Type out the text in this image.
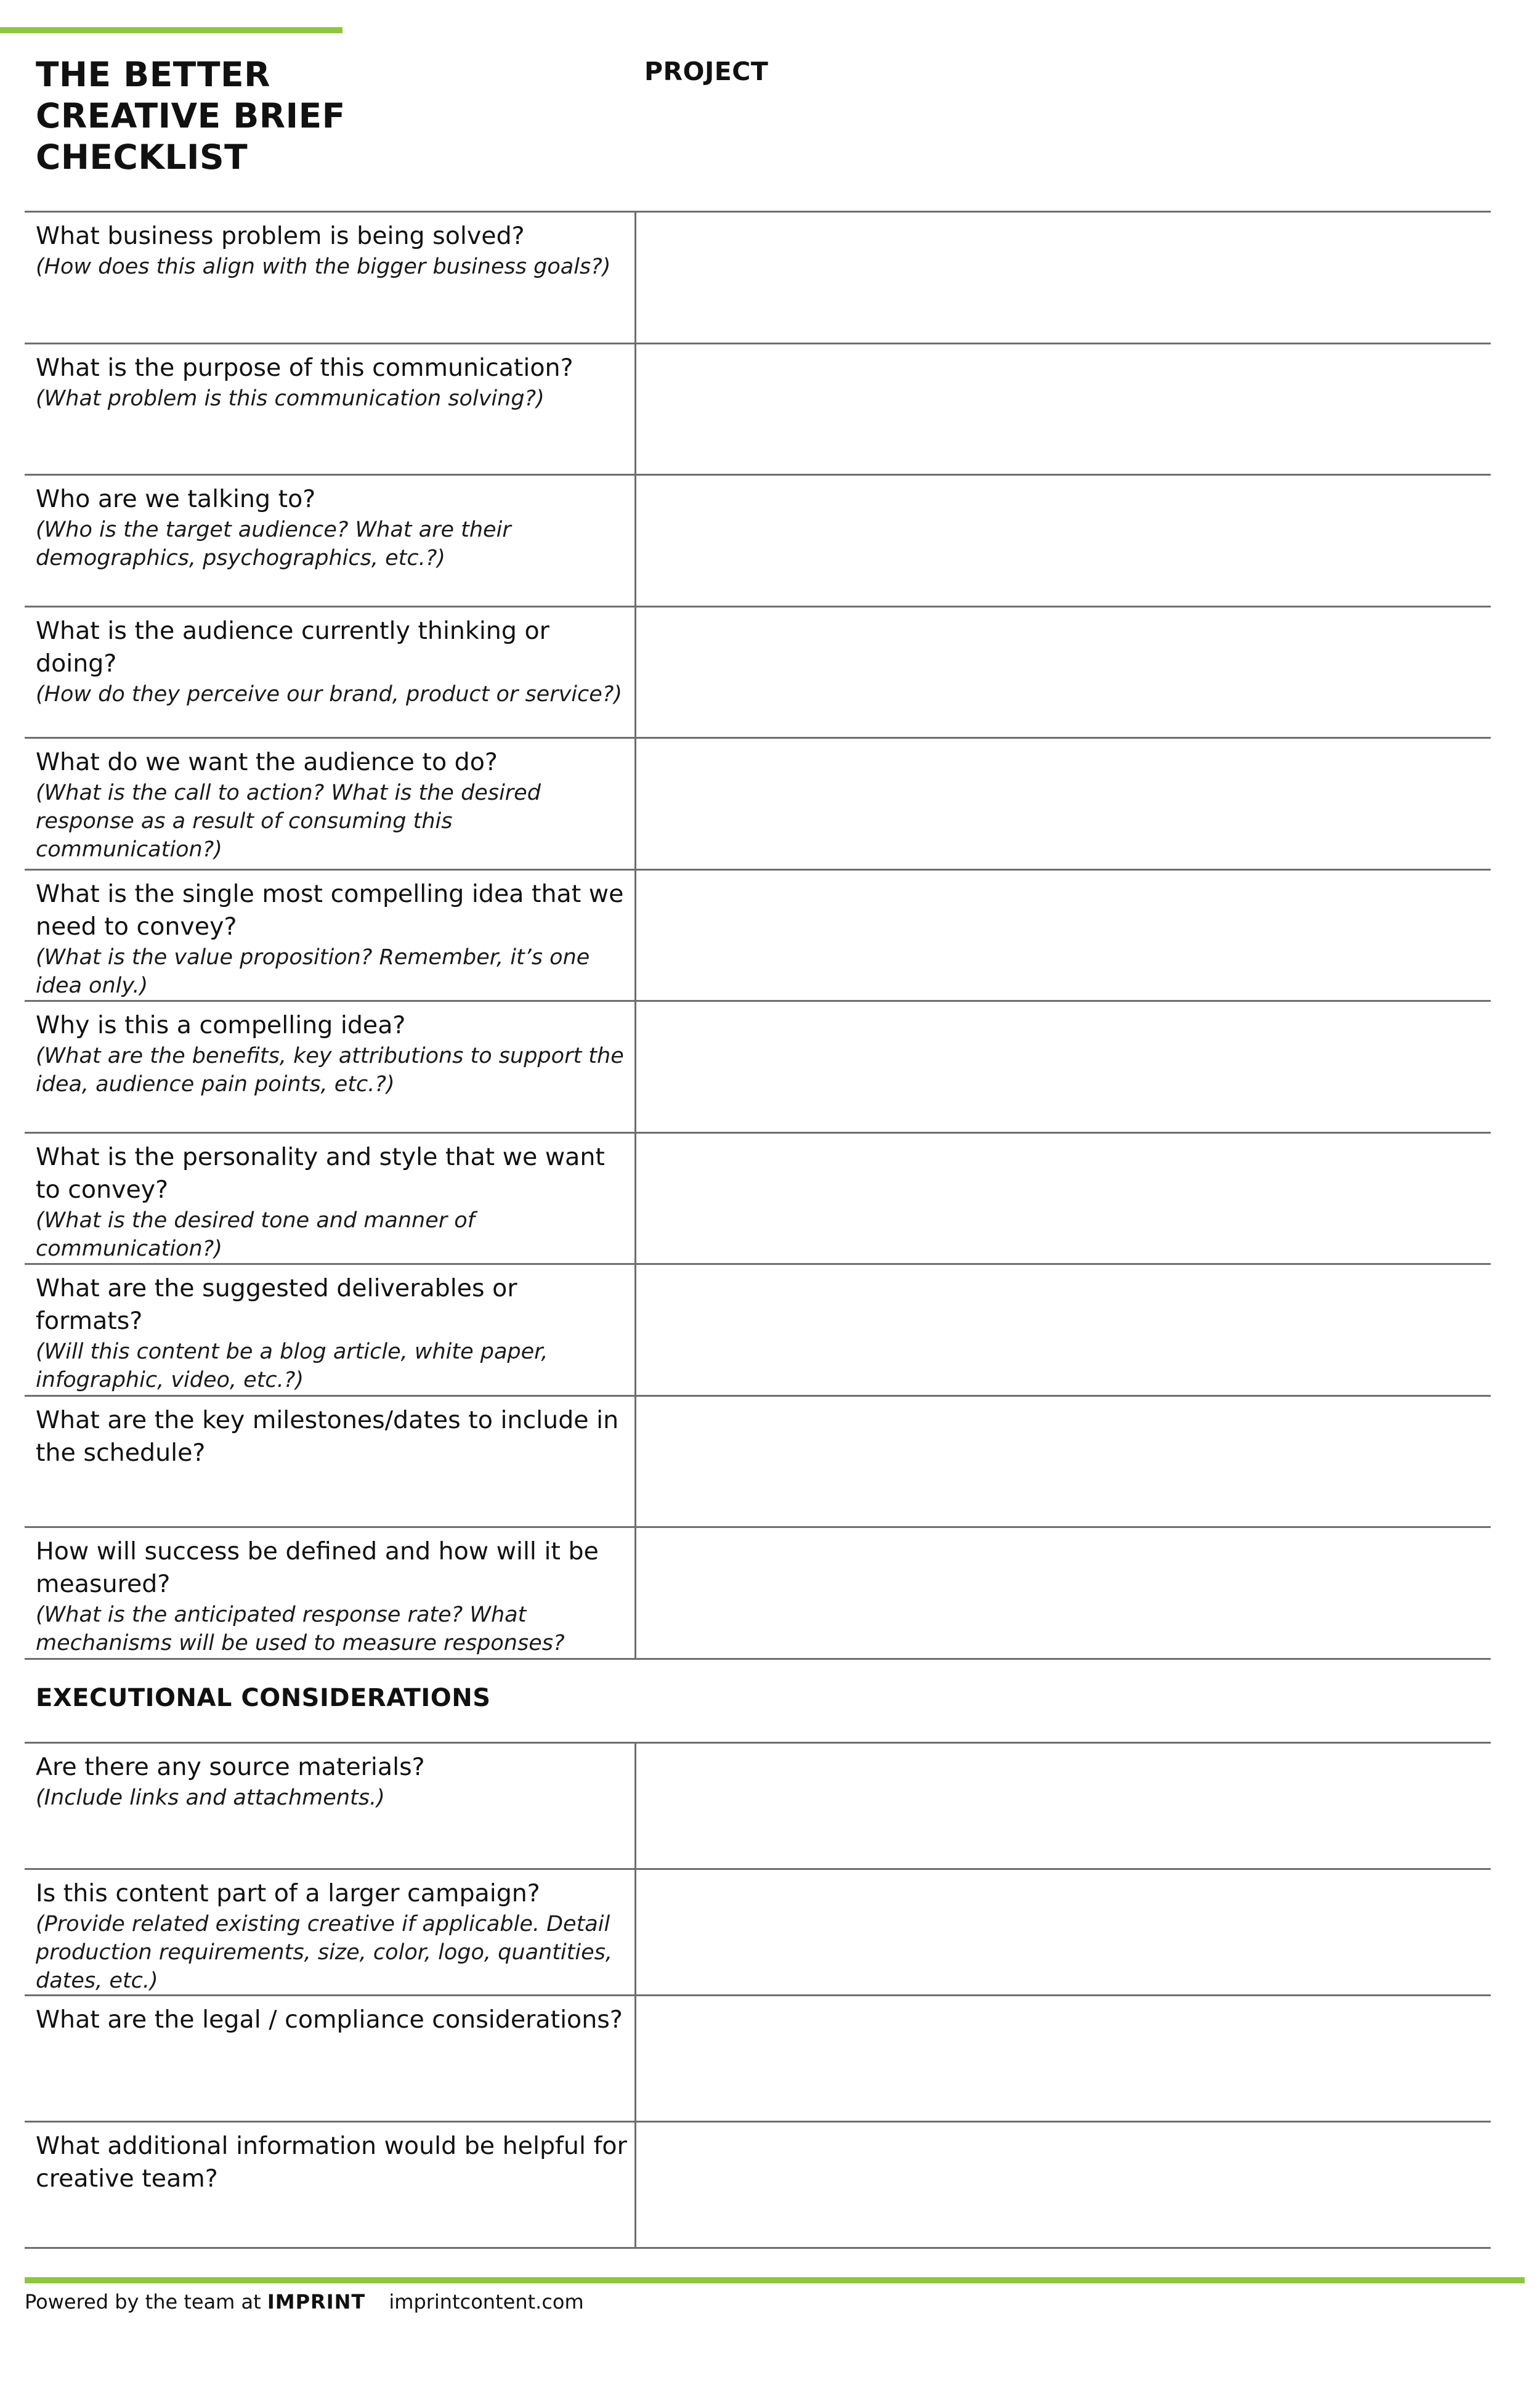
THE BETTER
CREATIVE BRIEF
CHECKLIST
PROJECT
What business problem is being solved?
(How does this align with the bigger business goals?)
What is the purpose of this communication?
(What problem is this communication solving?)
Who are we talking to?
(Who is the target audience? What are their demographics, psychographics, etc.?)
What is the audience currently thinking or doing?
(How do they perceive our brand, product or service?)
What do we want the audience to do?
(What is the call to action? What is the desired response as a result of consuming this communication?)
What is the single most compelling idea that we need to convey?
(What is the value proposition? Remember, it’s one idea only.)
Why is this a compelling idea?
(What are the benefits, key attributions to support the idea, audience pain points, etc.?)
What is the personality and style that we want to convey?
(What is the desired tone and manner of communication?)
What are the suggested deliverables or formats?
(Will this content be a blog article, white paper, infographic, video, etc.?)
What are the key milestones/dates to include in the schedule?
How will success be defined and how will it be measured?
(What is the anticipated response rate? What mechanisms will be used to measure responses?
EXECUTIONAL CONSIDERATIONS
Are there any source materials?
(Include links and attachments.)
Is this content part of a larger campaign?
(Provide related existing creative if applicable. Detail production requirements, size, color, logo, quantities, dates, etc.)
What are the legal / compliance considerations?
What additional information would be helpful for creative team?
Powered by the team at IMPRINT imprintcontent.com
